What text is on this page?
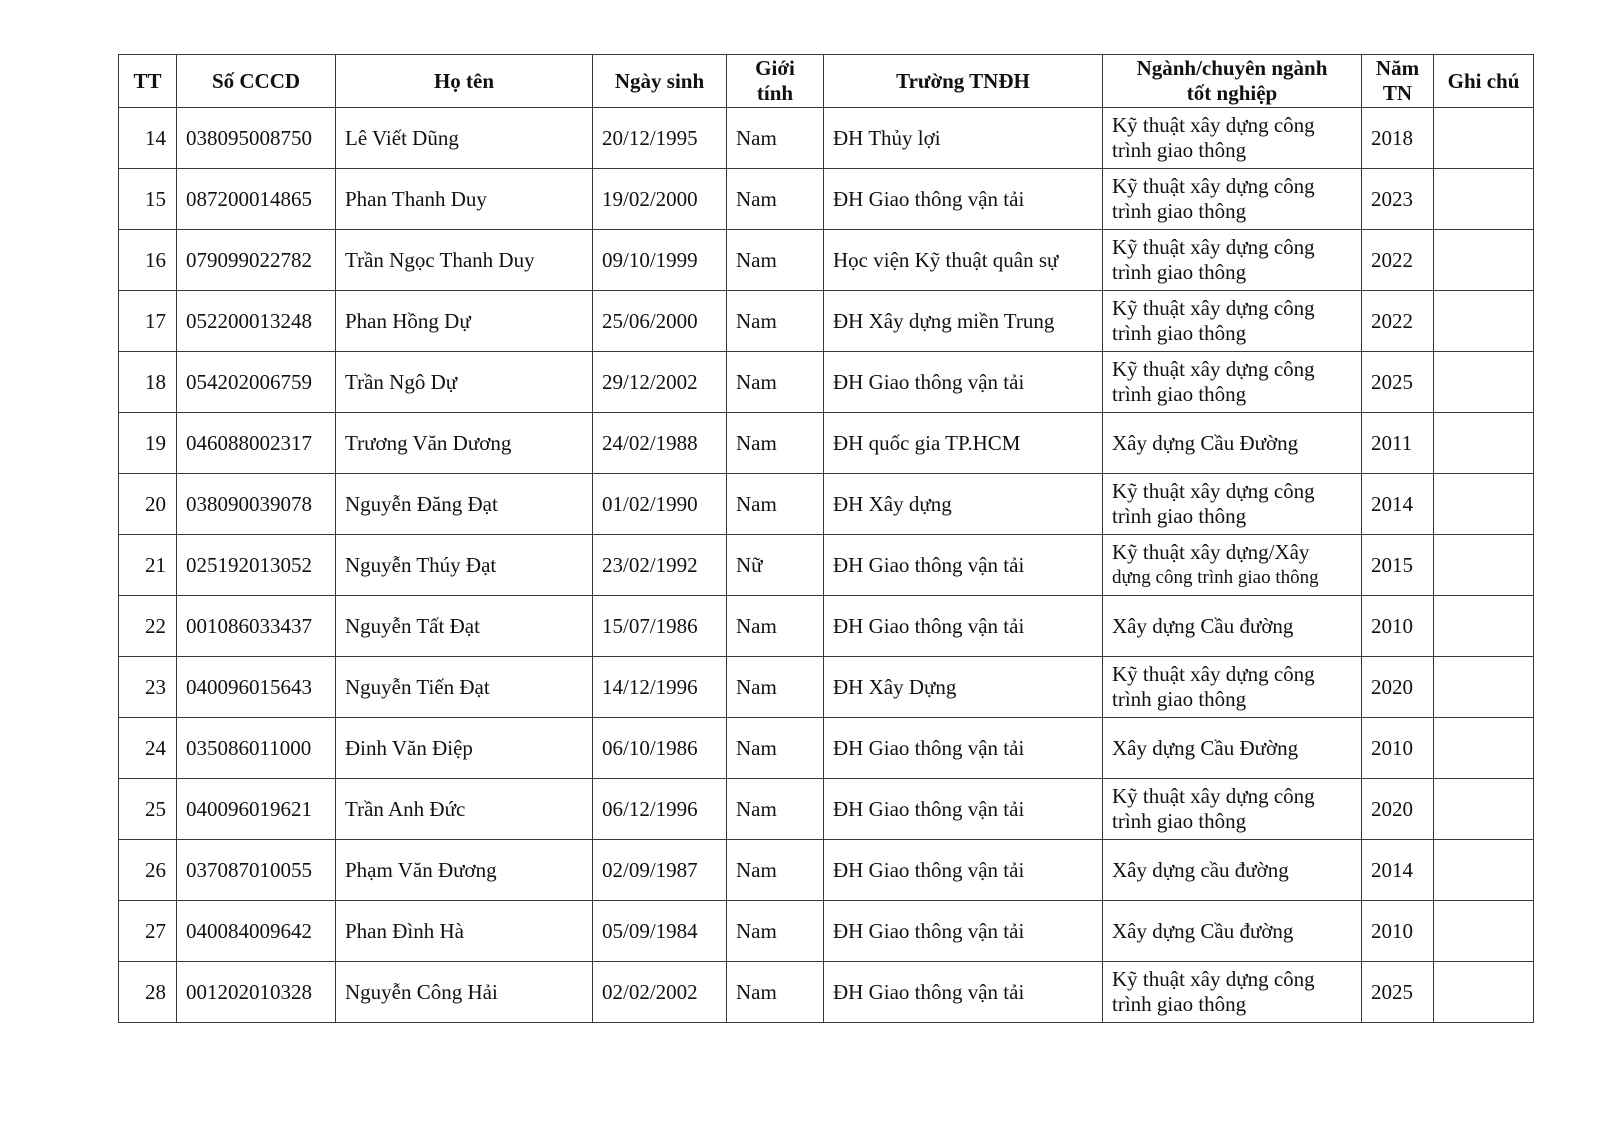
TT	Số CCCD	Họ tên	Ngày sinh	Giới
tính	Trường TNĐH	Ngành/chuyên ngành
tốt nghiệp	Năm
TN	Ghi chú
14	038095008750	Lê Viết Dũng	20/12/1995	Nam	ĐH Thủy lợi	Kỹ thuật xây dựng công
trình giao thông	2018	
15	087200014865	Phan Thanh Duy	19/02/2000	Nam	ĐH Giao thông vận tải	Kỹ thuật xây dựng công
trình giao thông	2023	
16	079099022782	Trần Ngọc Thanh Duy	09/10/1999	Nam	Học viện Kỹ thuật quân sự	Kỹ thuật xây dựng công
trình giao thông	2022	
17	052200013248	Phan Hồng Dự	25/06/2000	Nam	ĐH Xây dựng miền Trung	Kỹ thuật xây dựng công
trình giao thông	2022	
18	054202006759	Trần Ngô Dự	29/12/2002	Nam	ĐH Giao thông vận tải	Kỹ thuật xây dựng công
trình giao thông	2025	
19	046088002317	Trương Văn Dương	24/02/1988	Nam	ĐH quốc gia TP.HCM	Xây dựng Cầu Đường	2011	
20	038090039078	Nguyễn Đăng Đạt	01/02/1990	Nam	ĐH Xây dựng	Kỹ thuật xây dựng công
trình giao thông	2014	
21	025192013052	Nguyễn Thúy Đạt	23/02/1992	Nữ	ĐH Giao thông vận tải	Kỹ thuật xây dựng/Xây
dựng công trình giao thông	2015	
22	001086033437	Nguyễn Tất Đạt	15/07/1986	Nam	ĐH Giao thông vận tải	Xây dựng Cầu đường	2010	
23	040096015643	Nguyễn Tiến Đạt	14/12/1996	Nam	ĐH Xây Dựng	Kỹ thuật xây dựng công
trình giao thông	2020	
24	035086011000	Đinh Văn Điệp	06/10/1986	Nam	ĐH Giao thông vận tải	Xây dựng Cầu Đường	2010	
25	040096019621	Trần Anh Đức	06/12/1996	Nam	ĐH Giao thông vận tải	Kỹ thuật xây dựng công
trình giao thông	2020	
26	037087010055	Phạm Văn Đương	02/09/1987	Nam	ĐH Giao thông vận tải	Xây dựng cầu đường	2014	
27	040084009642	Phan Đình Hà	05/09/1984	Nam	ĐH Giao thông vận tải	Xây dựng Cầu đường	2010	
28	001202010328	Nguyễn Công Hải	02/02/2002	Nam	ĐH Giao thông vận tải	Kỹ thuật xây dựng công
trình giao thông	2025	
